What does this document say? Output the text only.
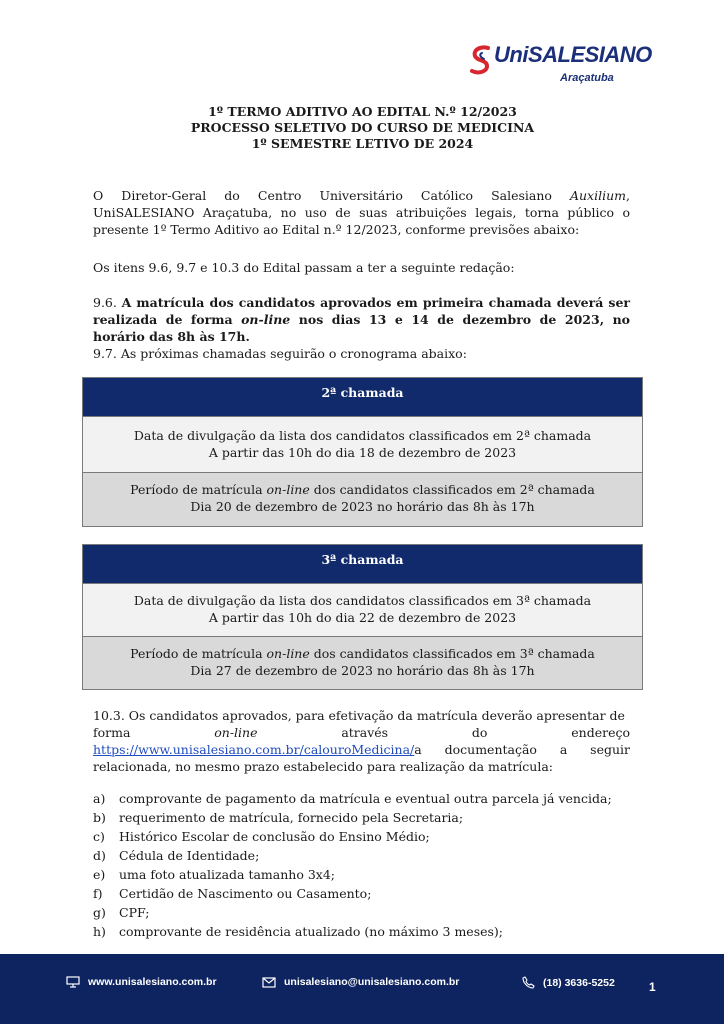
UniSALESIANO
Araçatuba
1º TERMO ADITIVO AO EDITAL N.º 12/2023
PROCESSO SELETIVO DO CURSO DE MEDICINA
1º SEMESTRE LETIVO DE 2024
O Diretor-Geral do Centro Universitário Católico Salesiano Auxilium, UniSALESIANO Araçatuba, no uso de suas atribuições legais, torna público o presente 1º Termo Aditivo ao Edital n.º 12/2023, conforme previsões abaixo:
Os itens 9.6, 9.7 e 10.3 do Edital passam a ter a seguinte redação:
9.6. A matrícula dos candidatos aprovados em primeira chamada deverá ser realizada de forma on-line nos dias 13 e 14 de dezembro de 2023, no horário das 8h às 17h.
9.7. As próximas chamadas seguirão o cronograma abaixo:
2ª chamada
Data de divulgação da lista dos candidatos classificados em 2ª chamada
A partir das 10h do dia 18 de dezembro de 2023
Período de matrícula on-line dos candidatos classificados em 2ª chamada
Dia 20 de dezembro de 2023 no horário das 8h às 17h
3ª chamada
Data de divulgação da lista dos candidatos classificados em 3ª chamada
A partir das 10h do dia 22 de dezembro de 2023
Período de matrícula on-line dos candidatos classificados em 3ª chamada
Dia 27 de dezembro de 2023 no horário das 8h às 17h
10.3. Os candidatos aprovados, para efetivação da matrícula deverão apresentar de
forma	on-line	através	do	endereço
https://www.unisalesiano.com.br/calouroMedicina/a documentação a seguir
relacionada, no mesmo prazo estabelecido para realização da matrícula:
a)	comprovante de pagamento da matrícula e eventual outra parcela já vencida;
b)	requerimento de matrícula, fornecido pela Secretaria;
c)	Histórico Escolar de conclusão do Ensino Médio;
d)	Cédula de Identidade;
e)	uma foto atualizada tamanho 3x4;
f)	Certidão de Nascimento ou Casamento;
g)	CPF;
h)	comprovante de residência atualizado (no máximo 3 meses);
www.unisalesiano.com.br	unisalesiano@unisalesiano.com.br	(18) 3636-5252	1
